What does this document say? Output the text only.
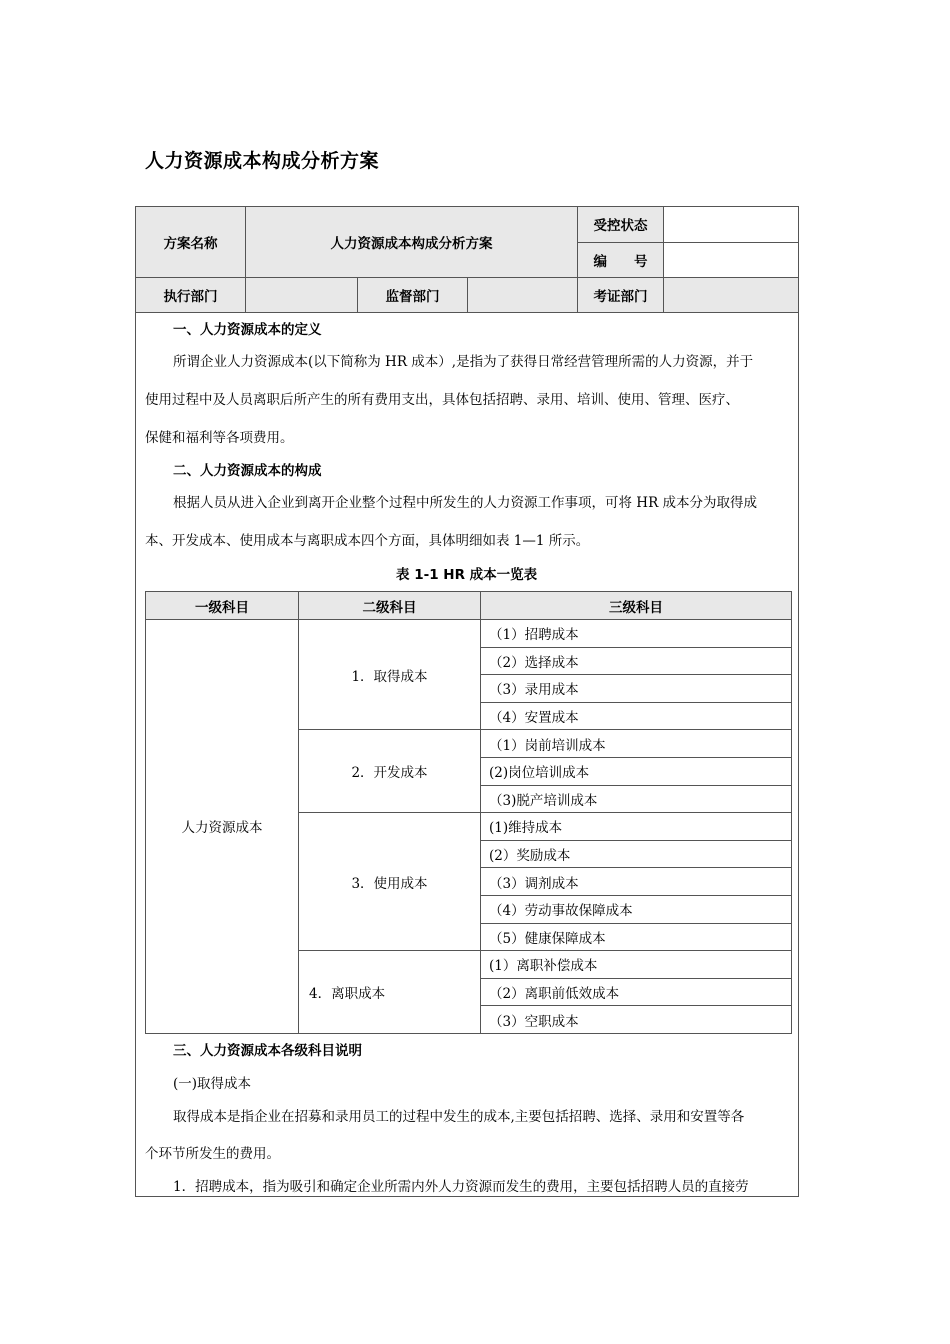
人力资源成本构成分析方案
方案名称	人力资源成本构成分析方案			受控状态	
				编　　号	
执行部门		监督部门		考证部门	
一、人力资源成本的定义
所谓企业人力资源成本(以下简称为 HR 成本）,是指为了获得日常经营管理所需的人力资源，并于
使用过程中及人员离职后所产生的所有费用支出，具体包括招聘、录用、培训、使用、管理、医疗、
保健和福利等各项费用。
二、人力资源成本的构成
根据人员从进入企业到离开企业整个过程中所发生的人力资源工作事项，可将 HR 成本分为取得成
本、开发成本、使用成本与离职成本四个方面，具体明细如表 1—1 所示。
表 1-1 HR 成本一览表
一级科目	二级科目	三级科目
人力资源成本	1．取得成本	（1）招聘成本
		（2）选择成本
		（3）录用成本
		（4）安置成本
	2．开发成本	（1）岗前培训成本
		(2)岗位培训成本
		（3)脱产培训成本
	3．使用成本	(1)维持成本
		(2）奖励成本
		（3）调剂成本
		（4）劳动事故保障成本
		（5）健康保障成本
	4．离职成本	(1）离职补偿成本
		（2）离职前低效成本
		（3）空职成本
三、人力资源成本各级科目说明
(一)取得成本
取得成本是指企业在招募和录用员工的过程中发生的成本,主要包括招聘、选择、录用和安置等各
个环节所发生的费用。
1．招聘成本，指为吸引和确定企业所需内外人力资源而发生的费用，主要包括招聘人员的直接劳
